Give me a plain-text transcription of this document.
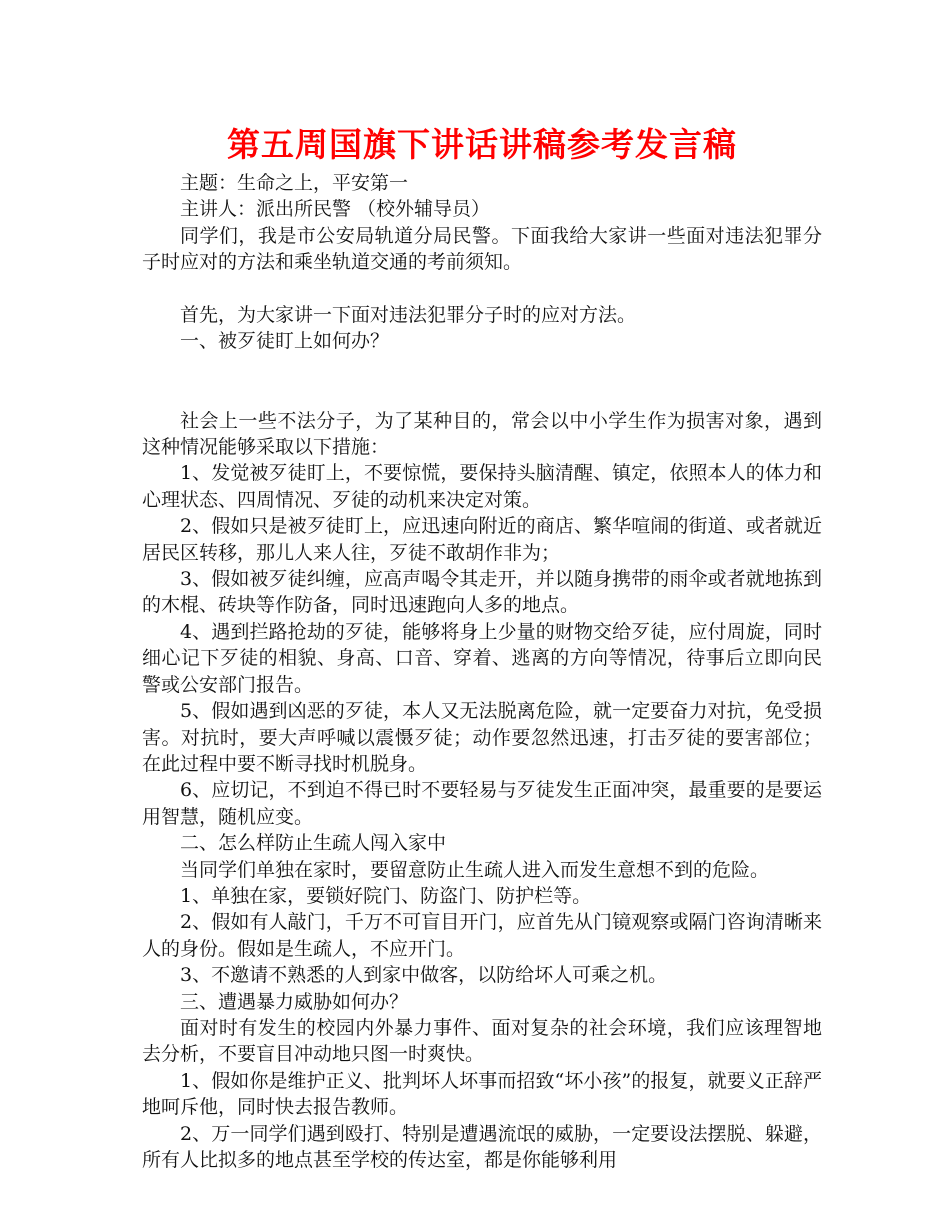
第五周国旗下讲话讲稿参考发言稿

主题：生命之上，平安第一

主讲人：派出所民警 （校外辅导员）

同学们，我是市公安局轨道分局民警。下面我给大家讲一些面对违法犯罪分子时应对的方法和乘坐轨道交通的考前须知。

首先，为大家讲一下面对违法犯罪分子时的应对方法。

一、被歹徒盯上如何办？

社会上一些不法分子，为了某种目的，常会以中小学生作为损害对象，遇到这种情况能够采取以下措施：

1、发觉被歹徒盯上，不要惊慌，要保持头脑清醒、镇定，依照本人的体力和心理状态、四周情况、歹徒的动机来决定对策。

2、假如只是被歹徒盯上，应迅速向附近的商店、繁华喧闹的街道、或者就近居民区转移，那儿人来人往，歹徒不敢胡作非为；

3、假如被歹徒纠缠，应高声喝令其走开，并以随身携带的雨伞或者就地拣到的木棍、砖块等作防备，同时迅速跑向人多的地点。

4、遇到拦路抢劫的歹徒，能够将身上少量的财物交给歹徒，应付周旋，同时细心记下歹徒的相貌、身高、口音、穿着、逃离的方向等情况，待事后立即向民警或公安部门报告。

5、假如遇到凶恶的歹徒，本人又无法脱离危险，就一定要奋力对抗，免受损害。对抗时，要大声呼喊以震慑歹徒；动作要忽然迅速，打击歹徒的要害部位；在此过程中要不断寻找时机脱身。

6、应切记，不到迫不得已时不要轻易与歹徒发生正面冲突，最重要的是要运用智慧，随机应变。

二、怎么样防止生疏人闯入家中

当同学们单独在家时，要留意防止生疏人进入而发生意想不到的危险。

1、单独在家，要锁好院门、防盗门、防护栏等。

2、假如有人敲门，千万不可盲目开门，应首先从门镜观察或隔门咨询清晰来人的身份。假如是生疏人，不应开门。

3、不邀请不熟悉的人到家中做客，以防给坏人可乘之机。

三、遭遇暴力威胁如何办？

面对时有发生的校园内外暴力事件、面对复杂的社会环境，我们应该理智地去分析，不要盲目冲动地只图一时爽快。

1、假如你是维护正义、批判坏人坏事而招致“坏小孩”的报复，就要义正辞严地呵斥他，同时快去报告教师。

2、万一同学们遇到殴打、特别是遭遇流氓的威胁，一定要设法摆脱、躲避，所有人比拟多的地点甚至学校的传达室，都是你能够利用
